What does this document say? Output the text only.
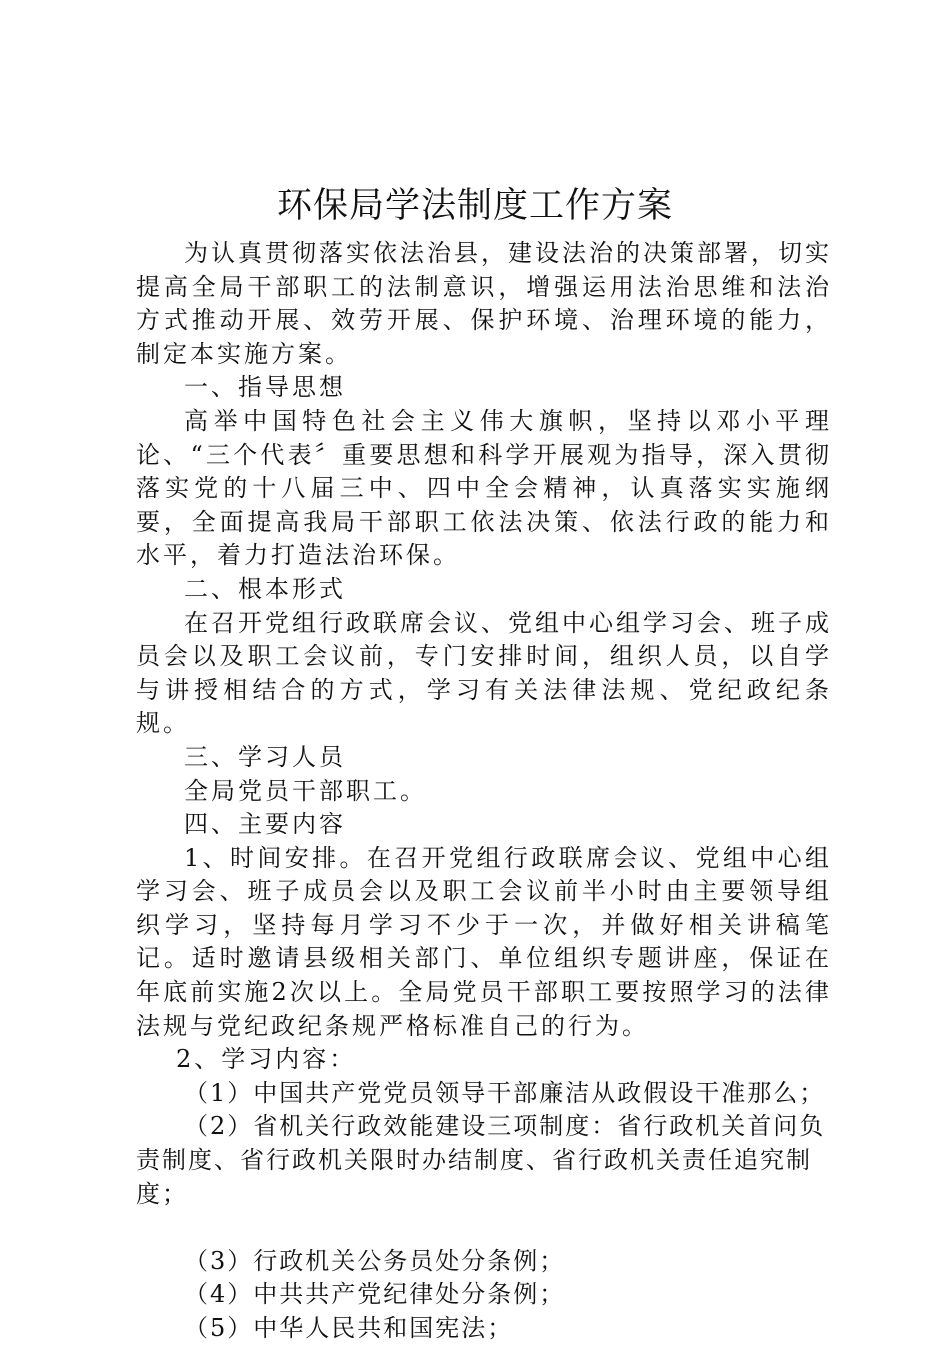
环保局学法制度工作方案

为认真贯彻落实依法治县，建设法治的决策部署，切实提高全局干部职工的法制意识，增强运用法治思维和法治方式推动开展、效劳开展、保护环境、治理环境的能力，制定本实施方案。

一、指导思想

高举中国特色社会主义伟大旗帜，坚持以邓小平理论、“三个代表〞重要思想和科学开展观为指导，深入贯彻落实党的十八届三中、四中全会精神，认真落实实施纲要，全面提高我局干部职工依法决策、依法行政的能力和水平，着力打造法治环保。

二、根本形式

在召开党组行政联席会议、党组中心组学习会、班子成员会以及职工会议前，专门安排时间，组织人员，以自学与讲授相结合的方式，学习有关法律法规、党纪政纪条规。

三、学习人员

全局党员干部职工。

四、主要内容

1、时间安排。在召开党组行政联席会议、党组中心组学习会、班子成员会以及职工会议前半小时由主要领导组织学习，坚持每月学习不少于一次，并做好相关讲稿笔记。适时邀请县级相关部门、单位组织专题讲座，保证在年底前实施2次以上。全局党员干部职工要按照学习的法律法规与党纪政纪条规严格标准自己的行为。

2、学习内容：

（1）中国共产党党员领导干部廉洁从政假设干准那么；

（2）省机关行政效能建设三项制度：省行政机关首问负责制度、省行政机关限时办结制度、省行政机关责任追究制度；

（3）行政机关公务员处分条例；

（4）中共共产党纪律处分条例；

（5）中华人民共和国宪法；
